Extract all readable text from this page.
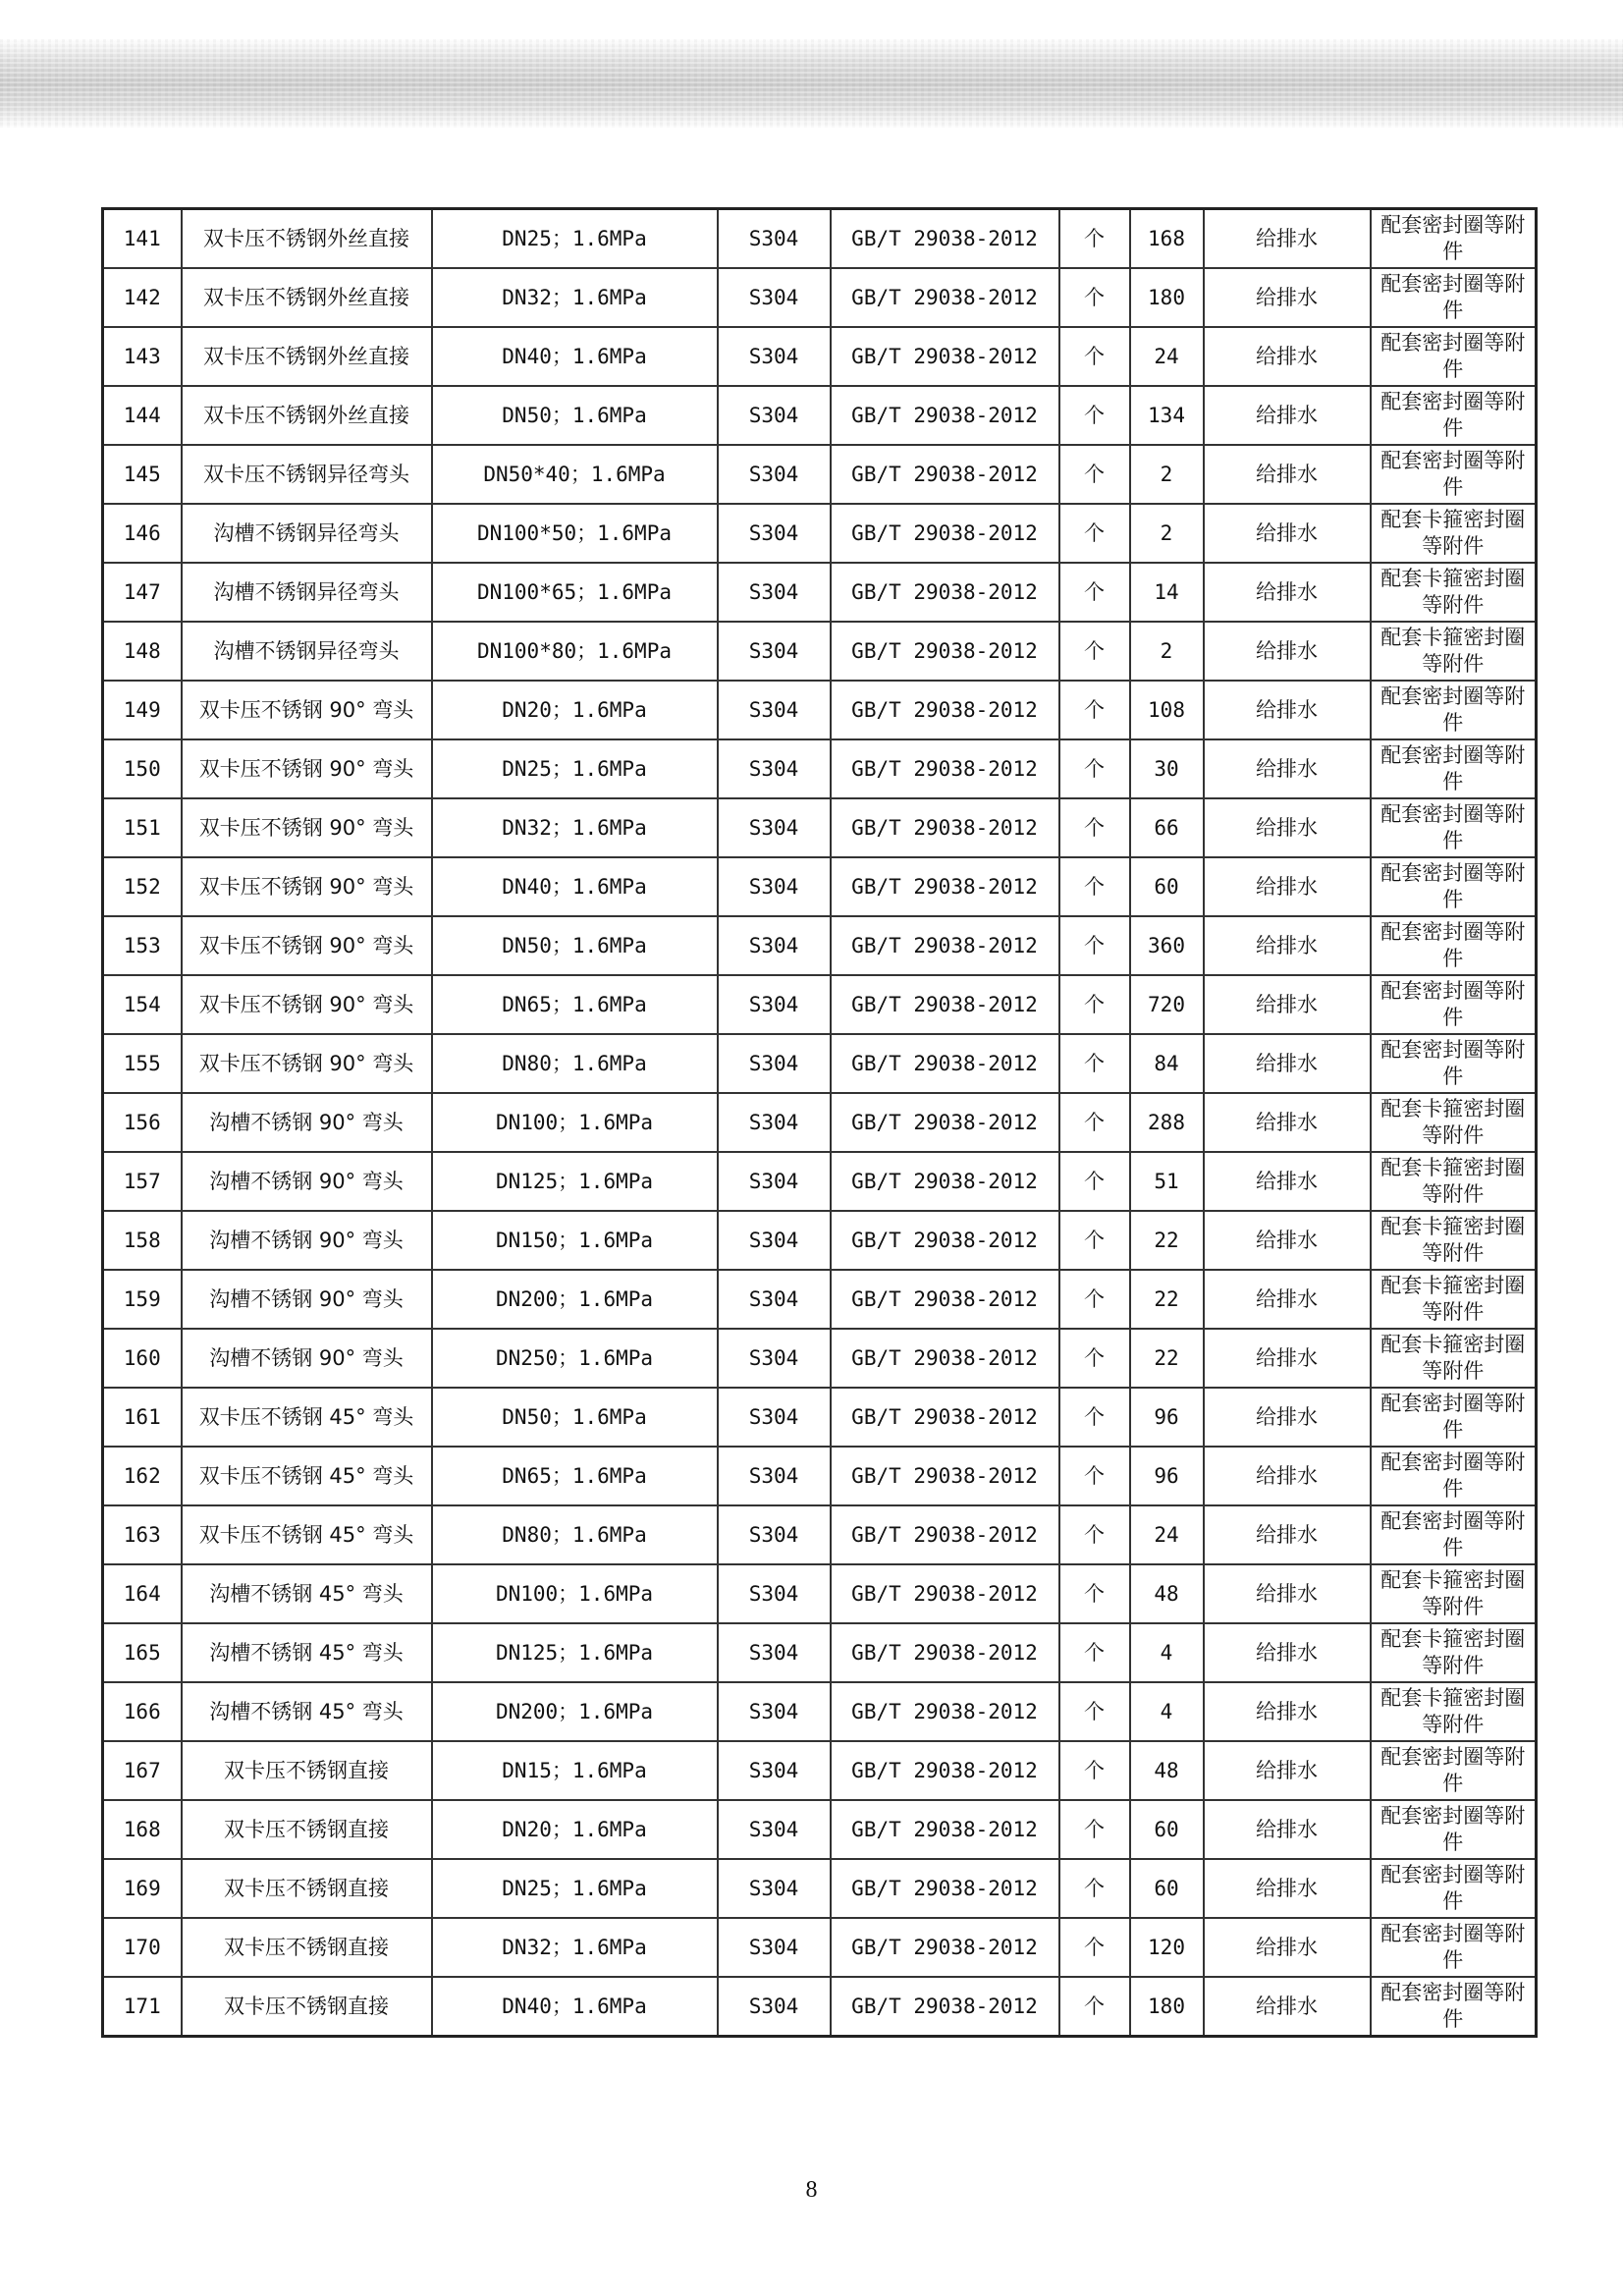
141	双卡压不锈钢外丝直接	DN25；1.6MPa	S304	GB/T 29038-2012	个	168	给排水	配套密封圈等附件
142	双卡压不锈钢外丝直接	DN32；1.6MPa	S304	GB/T 29038-2012	个	180	给排水	配套密封圈等附件
143	双卡压不锈钢外丝直接	DN40；1.6MPa	S304	GB/T 29038-2012	个	24	给排水	配套密封圈等附件
144	双卡压不锈钢外丝直接	DN50；1.6MPa	S304	GB/T 29038-2012	个	134	给排水	配套密封圈等附件
145	双卡压不锈钢异径弯头	DN50*40；1.6MPa	S304	GB/T 29038-2012	个	2	给排水	配套密封圈等附件
146	沟槽不锈钢异径弯头	DN100*50；1.6MPa	S304	GB/T 29038-2012	个	2	给排水	配套卡箍密封圈等附件
147	沟槽不锈钢异径弯头	DN100*65；1.6MPa	S304	GB/T 29038-2012	个	14	给排水	配套卡箍密封圈等附件
148	沟槽不锈钢异径弯头	DN100*80；1.6MPa	S304	GB/T 29038-2012	个	2	给排水	配套卡箍密封圈等附件
149	双卡压不锈钢 90° 弯头	DN20；1.6MPa	S304	GB/T 29038-2012	个	108	给排水	配套密封圈等附件
150	双卡压不锈钢 90° 弯头	DN25；1.6MPa	S304	GB/T 29038-2012	个	30	给排水	配套密封圈等附件
151	双卡压不锈钢 90° 弯头	DN32；1.6MPa	S304	GB/T 29038-2012	个	66	给排水	配套密封圈等附件
152	双卡压不锈钢 90° 弯头	DN40；1.6MPa	S304	GB/T 29038-2012	个	60	给排水	配套密封圈等附件
153	双卡压不锈钢 90° 弯头	DN50；1.6MPa	S304	GB/T 29038-2012	个	360	给排水	配套密封圈等附件
154	双卡压不锈钢 90° 弯头	DN65；1.6MPa	S304	GB/T 29038-2012	个	720	给排水	配套密封圈等附件
155	双卡压不锈钢 90° 弯头	DN80；1.6MPa	S304	GB/T 29038-2012	个	84	给排水	配套密封圈等附件
156	沟槽不锈钢 90° 弯头	DN100；1.6MPa	S304	GB/T 29038-2012	个	288	给排水	配套卡箍密封圈等附件
157	沟槽不锈钢 90° 弯头	DN125；1.6MPa	S304	GB/T 29038-2012	个	51	给排水	配套卡箍密封圈等附件
158	沟槽不锈钢 90° 弯头	DN150；1.6MPa	S304	GB/T 29038-2012	个	22	给排水	配套卡箍密封圈等附件
159	沟槽不锈钢 90° 弯头	DN200；1.6MPa	S304	GB/T 29038-2012	个	22	给排水	配套卡箍密封圈等附件
160	沟槽不锈钢 90° 弯头	DN250；1.6MPa	S304	GB/T 29038-2012	个	22	给排水	配套卡箍密封圈等附件
161	双卡压不锈钢 45° 弯头	DN50；1.6MPa	S304	GB/T 29038-2012	个	96	给排水	配套密封圈等附件
162	双卡压不锈钢 45° 弯头	DN65；1.6MPa	S304	GB/T 29038-2012	个	96	给排水	配套密封圈等附件
163	双卡压不锈钢 45° 弯头	DN80；1.6MPa	S304	GB/T 29038-2012	个	24	给排水	配套密封圈等附件
164	沟槽不锈钢 45° 弯头	DN100；1.6MPa	S304	GB/T 29038-2012	个	48	给排水	配套卡箍密封圈等附件
165	沟槽不锈钢 45° 弯头	DN125；1.6MPa	S304	GB/T 29038-2012	个	4	给排水	配套卡箍密封圈等附件
166	沟槽不锈钢 45° 弯头	DN200；1.6MPa	S304	GB/T 29038-2012	个	4	给排水	配套卡箍密封圈等附件
167	双卡压不锈钢直接	DN15；1.6MPa	S304	GB/T 29038-2012	个	48	给排水	配套密封圈等附件
168	双卡压不锈钢直接	DN20；1.6MPa	S304	GB/T 29038-2012	个	60	给排水	配套密封圈等附件
169	双卡压不锈钢直接	DN25；1.6MPa	S304	GB/T 29038-2012	个	60	给排水	配套密封圈等附件
170	双卡压不锈钢直接	DN32；1.6MPa	S304	GB/T 29038-2012	个	120	给排水	配套密封圈等附件
171	双卡压不锈钢直接	DN40；1.6MPa	S304	GB/T 29038-2012	个	180	给排水	配套密封圈等附件
8
